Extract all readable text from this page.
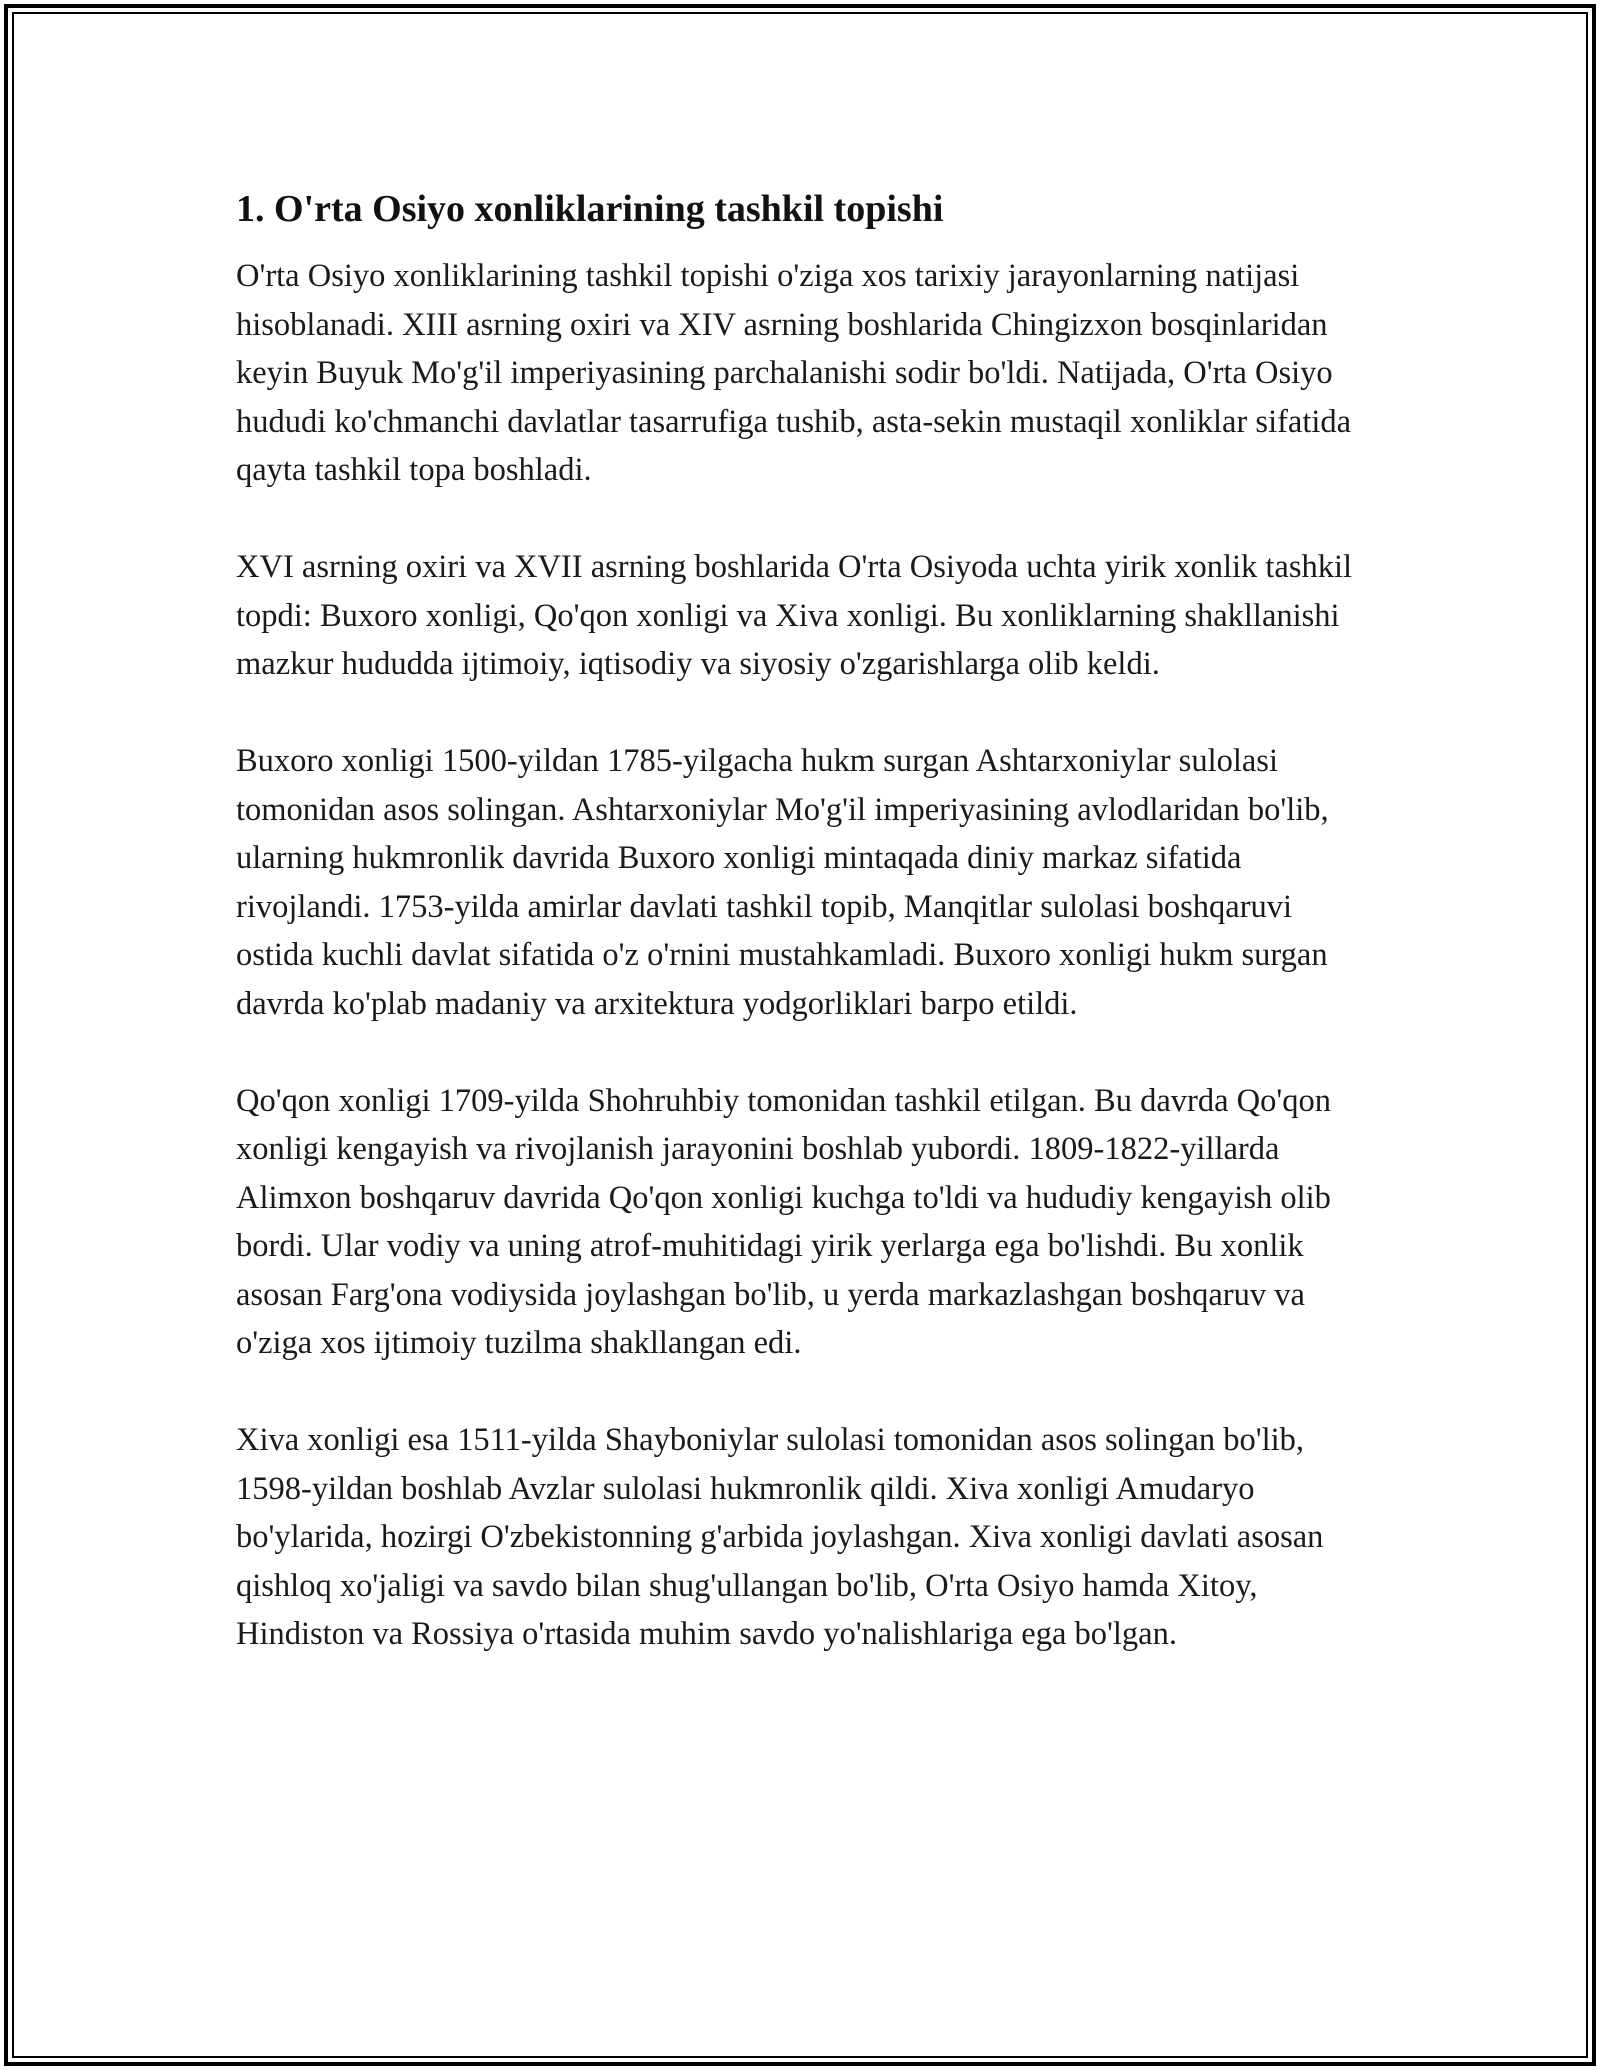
1. O'rta Osiyo xonliklarining tashkil topishi

O'rta Osiyo xonliklarining tashkil topishi o'ziga xos tarixiy jarayonlarning natijasi hisoblanadi. XIII asrning oxiri va XIV asrning boshlarida Chingizxon bosqinlaridan keyin Buyuk Mo'g'il imperiyasining parchalanishi sodir bo'ldi. Natijada, O'rta Osiyo hududi ko'chmanchi davlatlar tasarrufiga tushib, asta-sekin mustaqil xonliklar sifatida qayta tashkil topa boshladi.

XVI asrning oxiri va XVII asrning boshlarida O'rta Osiyoda uchta yirik xonlik tashkil topdi: Buxoro xonligi, Qo'qon xonligi va Xiva xonligi. Bu xonliklarning shakllanishi mazkur hududda ijtimoiy, iqtisodiy va siyosiy o'zgarishlarga olib keldi.

Buxoro xonligi 1500-yildan 1785-yilgacha hukm surgan Ashtarxoniylar sulolasi tomonidan asos solingan. Ashtarxoniylar Mo'g'il imperiyasining avlodlaridan bo'lib, ularning hukmronlik davrida Buxoro xonligi mintaqada diniy markaz sifatida rivojlandi. 1753-yilda amirlar davlati tashkil topib, Manqitlar sulolasi boshqaruvi ostida kuchli davlat sifatida o'z o'rnini mustahkamladi. Buxoro xonligi hukm surgan davrda ko'plab madaniy va arxitektura yodgorliklari barpo etildi.

Qo'qon xonligi 1709-yilda Shohruhbiy tomonidan tashkil etilgan. Bu davrda Qo'qon xonligi kengayish va rivojlanish jarayonini boshlab yubordi. 1809-1822-yillarda Alimxon boshqaruv davrida Qo'qon xonligi kuchga to'ldi va hududiy kengayish olib bordi. Ular vodiy va uning atrof-muhitidagi yirik yerlarga ega bo'lishdi. Bu xonlik asosan Farg'ona vodiysida joylashgan bo'lib, u yerda markazlashgan boshqaruv va o'ziga xos ijtimoiy tuzilma shakllangan edi.

Xiva xonligi esa 1511-yilda Shayboniylar sulolasi tomonidan asos solingan bo'lib, 1598-yildan boshlab Avzlar sulolasi hukmronlik qildi. Xiva xonligi Amudaryo bo'ylarida, hozirgi O'zbekistonning g'arbida joylashgan. Xiva xonligi davlati asosan qishloq xo'jaligi va savdo bilan shug'ullangan bo'lib, O'rta Osiyo hamda Xitoy, Hindiston va Rossiya o'rtasida muhim savdo yo'nalishlariga ega bo'lgan.
